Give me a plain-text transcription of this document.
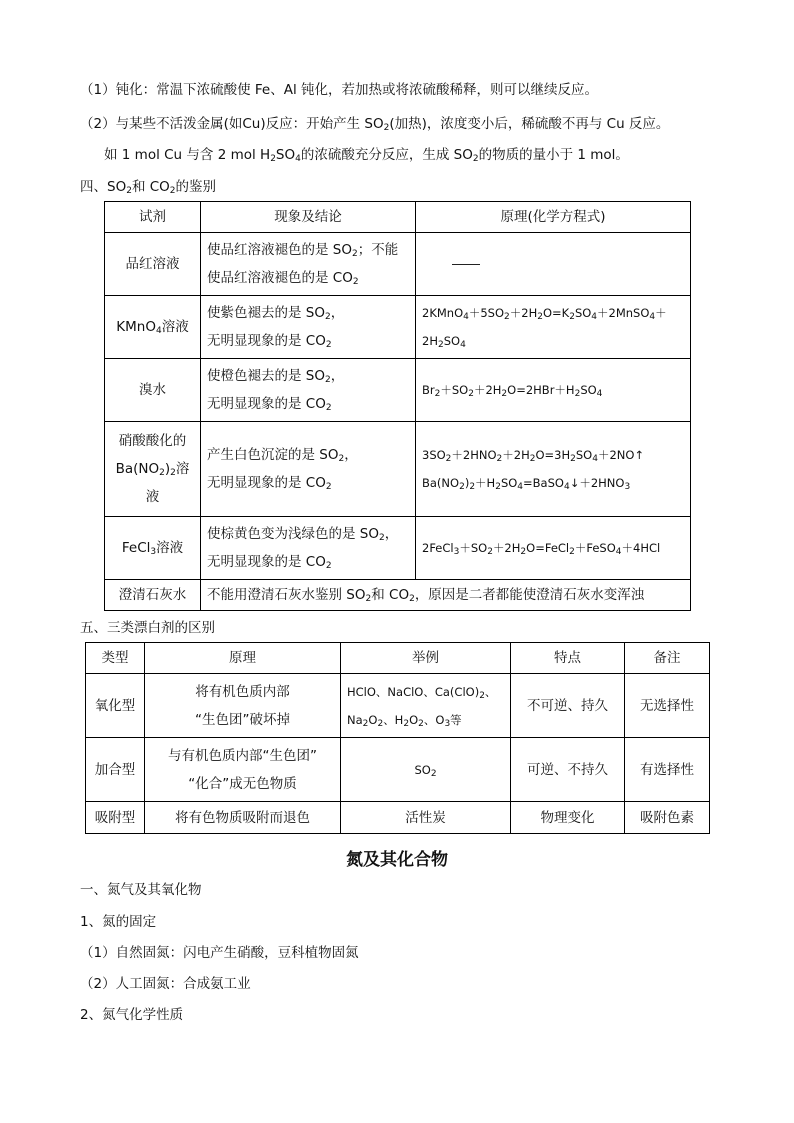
（1）钝化：常温下浓硫酸使 Fe、Al 钝化，若加热或将浓硫酸稀释，则可以继续反应。
（2）与某些不活泼金属(如Cu)反应：开始产生 $SO_2$(加热)，浓度变小后，稀硫酸不再与 Cu 反应。
如 1 mol Cu 与含 2 mol $H_2SO_4$的浓硫酸充分反应，生成 $SO_2$的物质的量小于 1 mol。
四、$SO_2$和 $CO_2$的鉴别
试剂	现象及结论	原理(化学方程式)
品红溶液	使品红溶液褪色的是 $SO_2$；不能
使品红溶液褪色的是 $CO_2$

KMnO$_4$溶液	使紫色褪去的是 $SO_2$，
无明显现象的是 $CO_2$	$2KMnO_4+5SO_2+2H_2O=K_2SO_4+2MnSO_4+$
$2H_2SO_4$

溴水	使橙色褪去的是 $SO_2$，
无明显现象的是 $CO_2$	$Br_2+SO_2+2H_2O=2HBr+H_2SO_4$

硝酸酸化的
$Ba(NO_2)_2$溶
液	产生白色沉淀的是 $SO_2$，
无明显现象的是 $CO_2$	$3SO_2+2HNO_2+2H_2O=3H_2SO_4+2NO↑$
$Ba(NO_2)_2+H_2SO_4=BaSO_4↓+2HNO_3$

FeCl$_3$溶液	使棕黄色变为浅绿色的是 $SO_2$，
无明显现象的是 $CO_2$	$2FeCl_3+SO_2+2H_2O=FeCl_2+FeSO_4+4HCl$

澄清石灰水	不能用澄清石灰水鉴别 $SO_2$和 $CO_2$，原因是二者都能使澄清石灰水变浑浊	
五、三类漂白剂的区别
类型	原理	举例	特点	备注
氧化型	将有机色质内部
“生色团”破坏掉	HClO、NaClO、$Ca(ClO)_2$、
$Na_2O_2$、$H_2O_2$、$O_3$等	不可逆、持久	无选择性
加合型	与有机色质内部“生色团”
“化合”成无色物质	$SO_2$	可逆、不持久	有选择性
吸附型	将有色物质吸附而退色	活性炭	物理变化	吸附色素
氮及其化合物
一、氮气及其氧化物
1、氮的固定
（1）自然固氮：闪电产生硝酸，豆科植物固氮
（2）人工固氮：合成氨工业
2、氮气化学性质
